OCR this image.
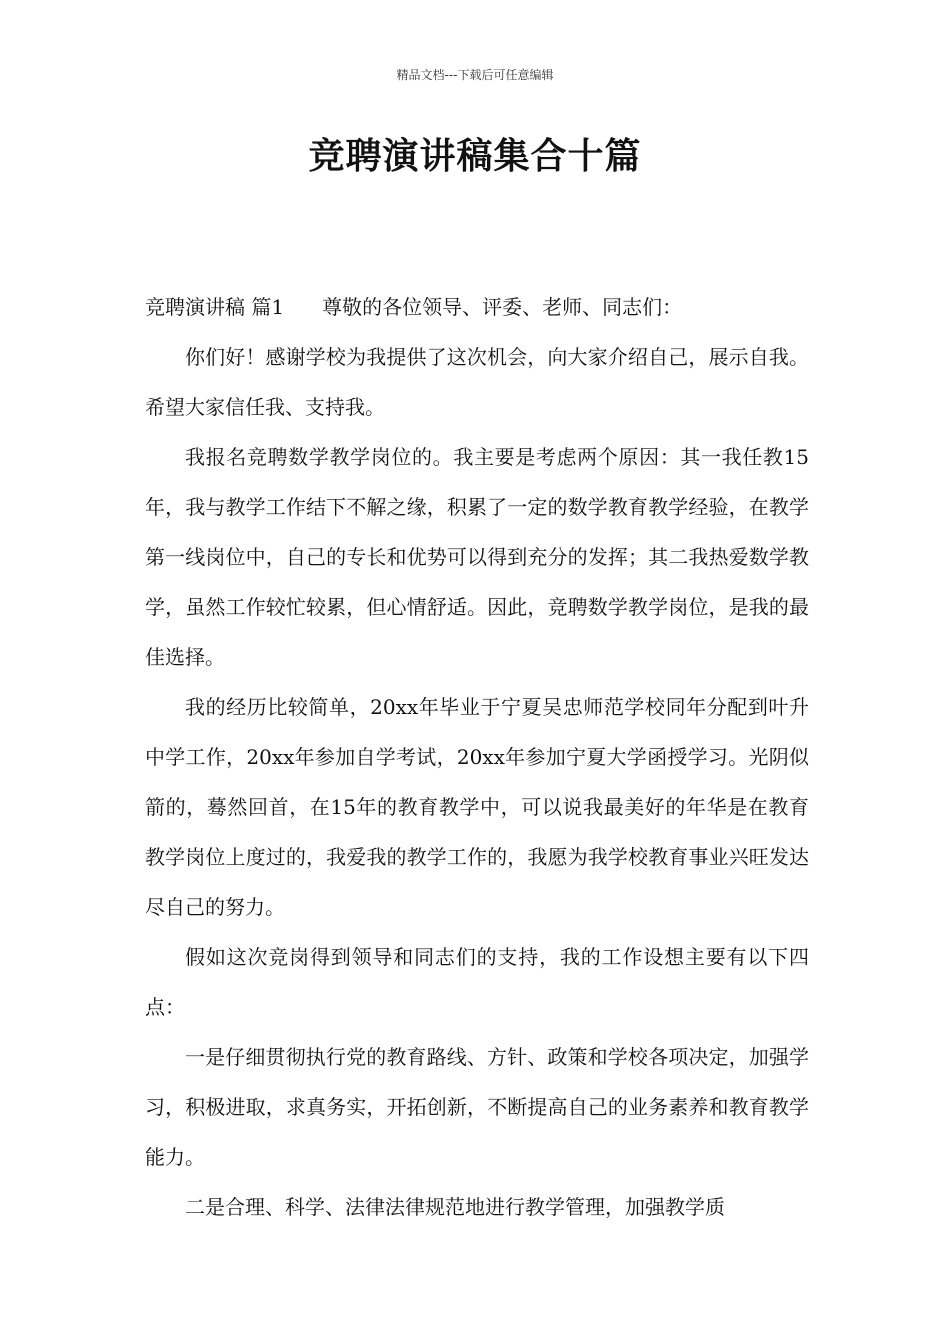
精品文档---下载后可任意编辑
竞聘演讲稿集合十篇

竞聘演讲稿 篇1 尊敬的各位领导、评委、老师、同志们：

你们好！感谢学校为我提供了这次机会，向大家介绍自己，展示自我。希望大家信任我、支持我。

我报名竞聘数学教学岗位的。我主要是考虑两个原因：其一我任教15年，我与教学工作结下不解之缘，积累了一定的数学教育教学经验，在教学第一线岗位中，自己的专长和优势可以得到充分的发挥；其二我热爱数学教学，虽然工作较忙较累，但心情舒适。因此，竞聘数学教学岗位，是我的最佳选择。

我的经历比较简单，20xx年毕业于宁夏吴忠师范学校同年分配到叶升中学工作，20xx年参加自学考试，20xx年参加宁夏大学函授学习。光阴似箭的，蓦然回首，在15年的教育教学中，可以说我最美好的年华是在教育教学岗位上度过的，我爱我的教学工作的，我愿为我学校教育事业兴旺发达尽自己的努力。

假如这次竞岗得到领导和同志们的支持，我的工作设想主要有以下四点：

一是仔细贯彻执行党的教育路线、方针、政策和学校各项决定，加强学习，积极进取，求真务实，开拓创新，不断提高自己的业务素养和教育教学能力。

二是合理、科学、法律法律规范地进行教学管理，加强教学质
